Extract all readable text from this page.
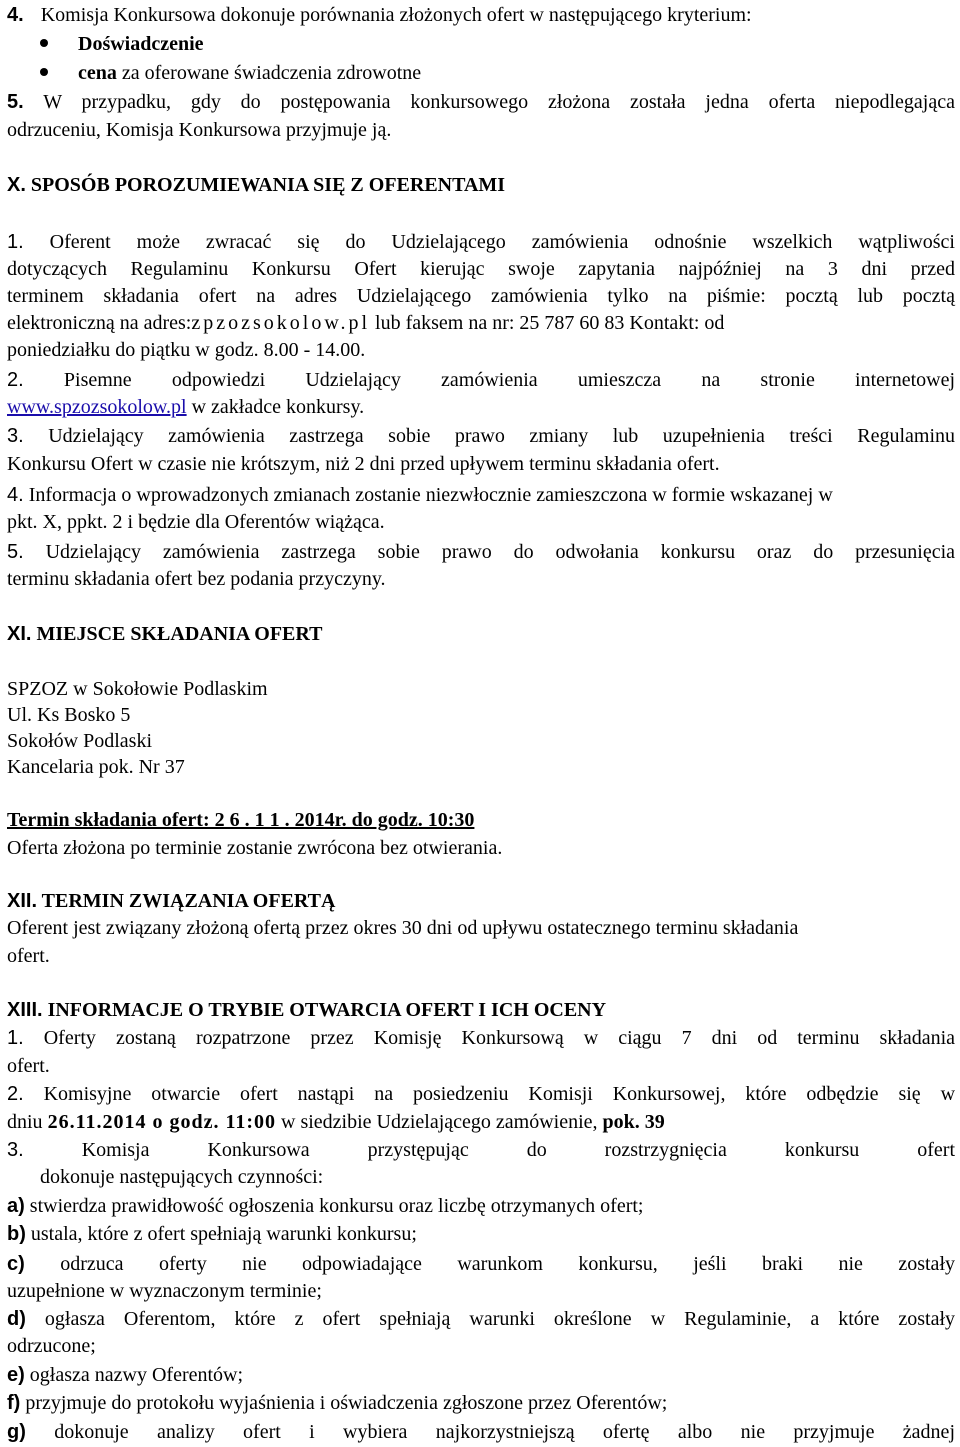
4. Komisja Konkursowa dokonuje porównania złożonych ofert w następującego kryterium:
Doświadczenie
cena za oferowane świadczenia zdrowotne
5. W przypadku, gdy do postępowania konkursowego złożona została jedna oferta niepodlegająca
odrzuceniu, Komisja Konkursowa przyjmuje ją.
X. SPOSÓB POROZUMIEWANIA SIĘ Z OFERENTAMI
1. Oferent może zwracać się do Udzielającego zamówienia odnośnie wszelkich wątpliwości
dotyczących Regulaminu Konkursu Ofert kierując swoje zapytania najpóźniej na 3 dni przed
terminem składania ofert na adres Udzielającego zamówienia tylko na piśmie: pocztą lub pocztą
elektroniczną na adres:zpzozsokolow.pl lub faksem na nr: 25 787 60 83 Kontakt: od
poniedziałku do piątku w godz. 8.00 - 14.00.
2. Pisemne odpowiedzi Udzielający zamówienia umieszcza na stronie internetowej
www.spzozsokolow.pl w zakładce konkursy.
3. Udzielający zamówienia zastrzega sobie prawo zmiany lub uzupełnienia treści Regulaminu
Konkursu Ofert w czasie nie krótszym, niż 2 dni przed upływem terminu składania ofert.
4. Informacja o wprowadzonych zmianach zostanie niezwłocznie zamieszczona w formie wskazanej w
pkt. X, ppkt. 2 i będzie dla Oferentów wiążąca.
5. Udzielający zamówienia zastrzega sobie prawo do odwołania konkursu oraz do przesunięcia
terminu składania ofert bez podania przyczyny.
XI. MIEJSCE SKŁADANIA OFERT
SPZOZ w Sokołowie Podlaskim
Ul. Ks Bosko 5
Sokołów Podlaski
Kancelaria pok. Nr 37
Termin składania ofert: 2 6 . 1 1 . 2014r. do godz. 10:30
Oferta złożona po terminie zostanie zwrócona bez otwierania.
XII. TERMIN ZWIĄZANIA OFERTĄ
Oferent jest związany złożoną ofertą przez okres 30 dni od upływu ostatecznego terminu składania
ofert.
XIII. INFORMACJE O TRYBIE OTWARCIA OFERT I ICH OCENY
1. Oferty zostaną rozpatrzone przez Komisję Konkursową w ciągu 7 dni od terminu składania
ofert.
2. Komisyjne otwarcie ofert nastąpi na posiedzeniu Komisji Konkursowej, które odbędzie się w
dniu 26.11.2014 o godz. 11:00 w siedzibie Udzielającego zamówienie, pok. 39
3.	Komisja Konkursowa przystępując do rozstrzygnięcia konkursu ofert
dokonuje następujących czynności:
a) stwierdza prawidłowość ogłoszenia konkursu oraz liczbę otrzymanych ofert;
b) ustala, które z ofert spełniają warunki konkursu;
c) odrzuca oferty nie odpowiadające warunkom konkursu, jeśli braki nie zostały
uzupełnione w wyznaczonym terminie;
d) ogłasza Oferentom, które z ofert spełniają warunki określone w Regulaminie, a które zostały
odrzucone;
e) ogłasza nazwy Oferentów;
f) przyjmuje do protokołu wyjaśnienia i oświadczenia zgłoszone przez Oferentów;
g) dokonuje analizy ofert i wybiera najkorzystniejszą ofertę albo nie przyjmuje żadnej
